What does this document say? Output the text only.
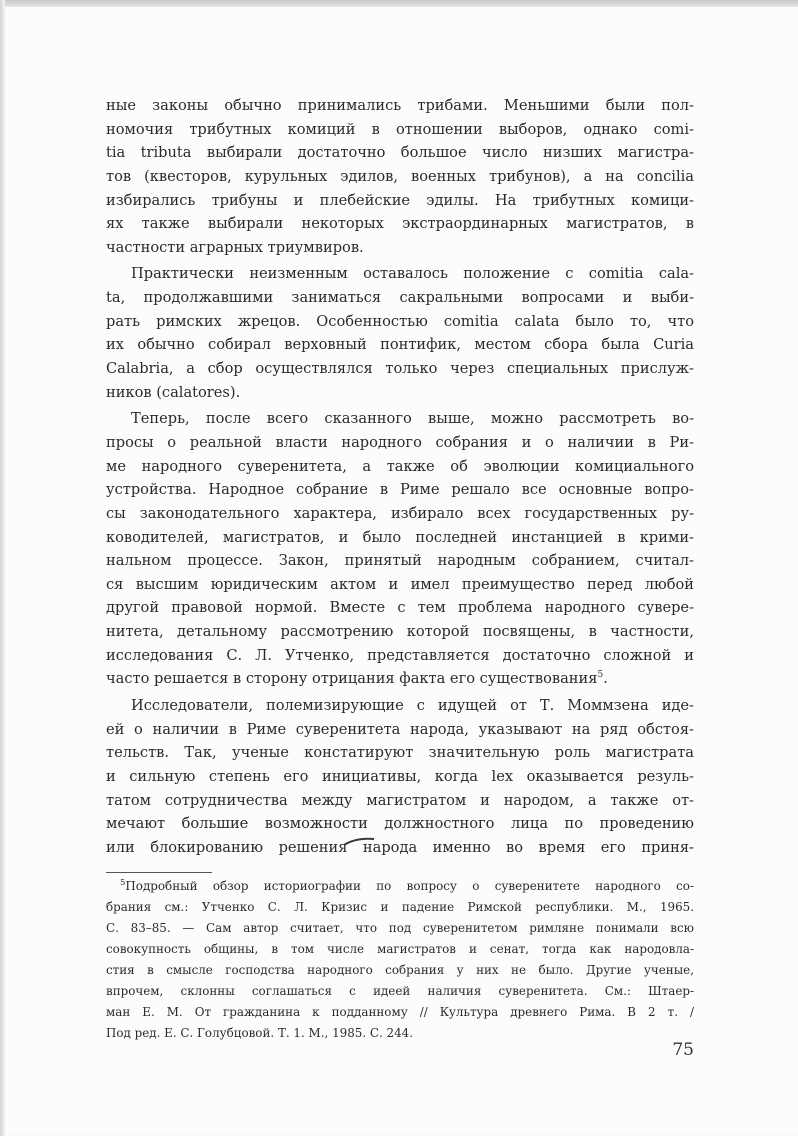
ные законы обычно принимались трибами. Меньшими были пол-
номочия трибутных комиций в отношении выборов, однако comi-
tia tributa выбирали достаточно большое число низших магистра-
тов (квесторов, курульных эдилов, военных трибунов), а на concilia
избирались трибуны и плебейские эдилы. На трибутных комици-
ях также выбирали некоторых экстраординарных магистратов, в
частности аграрных триумвиров.
Практически неизменным оставалось положение с comitia cala-
ta, продолжавшими заниматься сакральными вопросами и выби-
рать римских жрецов. Особенностью comitia calata было то, что
их обычно собирал верховный понтифик, местом сбора была Curia
Calabria, а сбор осуществлялся только через специальных прислуж-
ников (calatores).
Теперь, после всего сказанного выше, можно рассмотреть во-
просы о реальной власти народного собрания и о наличии в Ри-
ме народного суверенитета, а также об эволюции комициального
устройства. Народное собрание в Риме решало все основные вопро-
сы законодательного характера, избирало всех государственных ру-
ководителей, магистратов, и было последней инстанцией в крими-
нальном процессе. Закон, принятый народным собранием, считал-
ся высшим юридическим актом и имел преимущество перед любой
другой правовой нормой. Вместе с тем проблема народного сувере-
нитета, детальному рассмотрению которой посвящены, в частности,
исследования С. Л. Утченко, представляется достаточно сложной и
часто решается в сторону отрицания факта его существования$^5$.
Исследователи, полемизирующие с идущей от Т. Моммзена иде-
ей о наличии в Риме суверенитета народа, указывают на ряд обстоя-
тельств. Так, ученые констатируют значительную роль магистрата
и сильную степень его инициативы, когда lex оказывается резуль-
татом сотрудничества между магистратом и народом, а также от-
мечают большие возможности должностного лица по проведению
или блокированию решения народа именно во время его приня-
$^5$Подробный обзор историографии по вопросу о суверенитете народного со-
брания см.: Утченко С. Л. Кризис и падение Римской республики. М., 1965.
С. 83–85. — Сам автор считает, что под суверенитетом римляне понимали всю
совокупность общины, в том числе магистратов и сенат, тогда как народовла-
стия в смысле господства народного собрания у них не было. Другие ученые,
впрочем, склонны соглашаться с идеей наличия суверенитета. См.: Штаер-
ман Е. М. От гражданина к подданному // Культура древнего Рима. В 2 т. /
Под ред. Е. С. Голубцовой. Т. 1. М., 1985. С. 244.
75
